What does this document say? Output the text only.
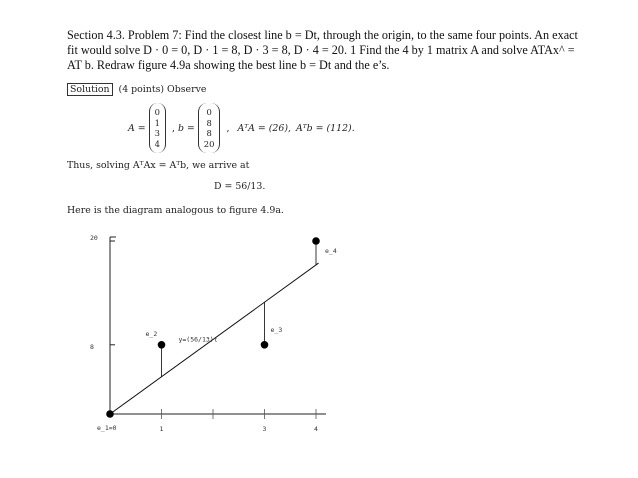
Section 4.3. Problem 7: Find the closest line b = Dt, through the origin, to the same four points. An exact fit would solve D · 0 = 0, D · 1 = 8, D · 3 = 8, D · 4 = 20. 1 Find the 4 by 1 matrix A and solve ATAx^ = AT b. Redraw figure 4.9a showing the best line b = Dt and the e’s.
Solution (4 points) Observe
A =
0
1
3
4
, b =
0
8
8
20
, AᵀA = (26), Aᵀb = (112).
Thus, solving AᵀAx = Aᵀb, we arrive at
D = 56/13.
Here is the diagram analogous to figure 4.9a.
20
8
1	3	4
y=(56/13)t
e_1=0
e_2	e_3
e_4
